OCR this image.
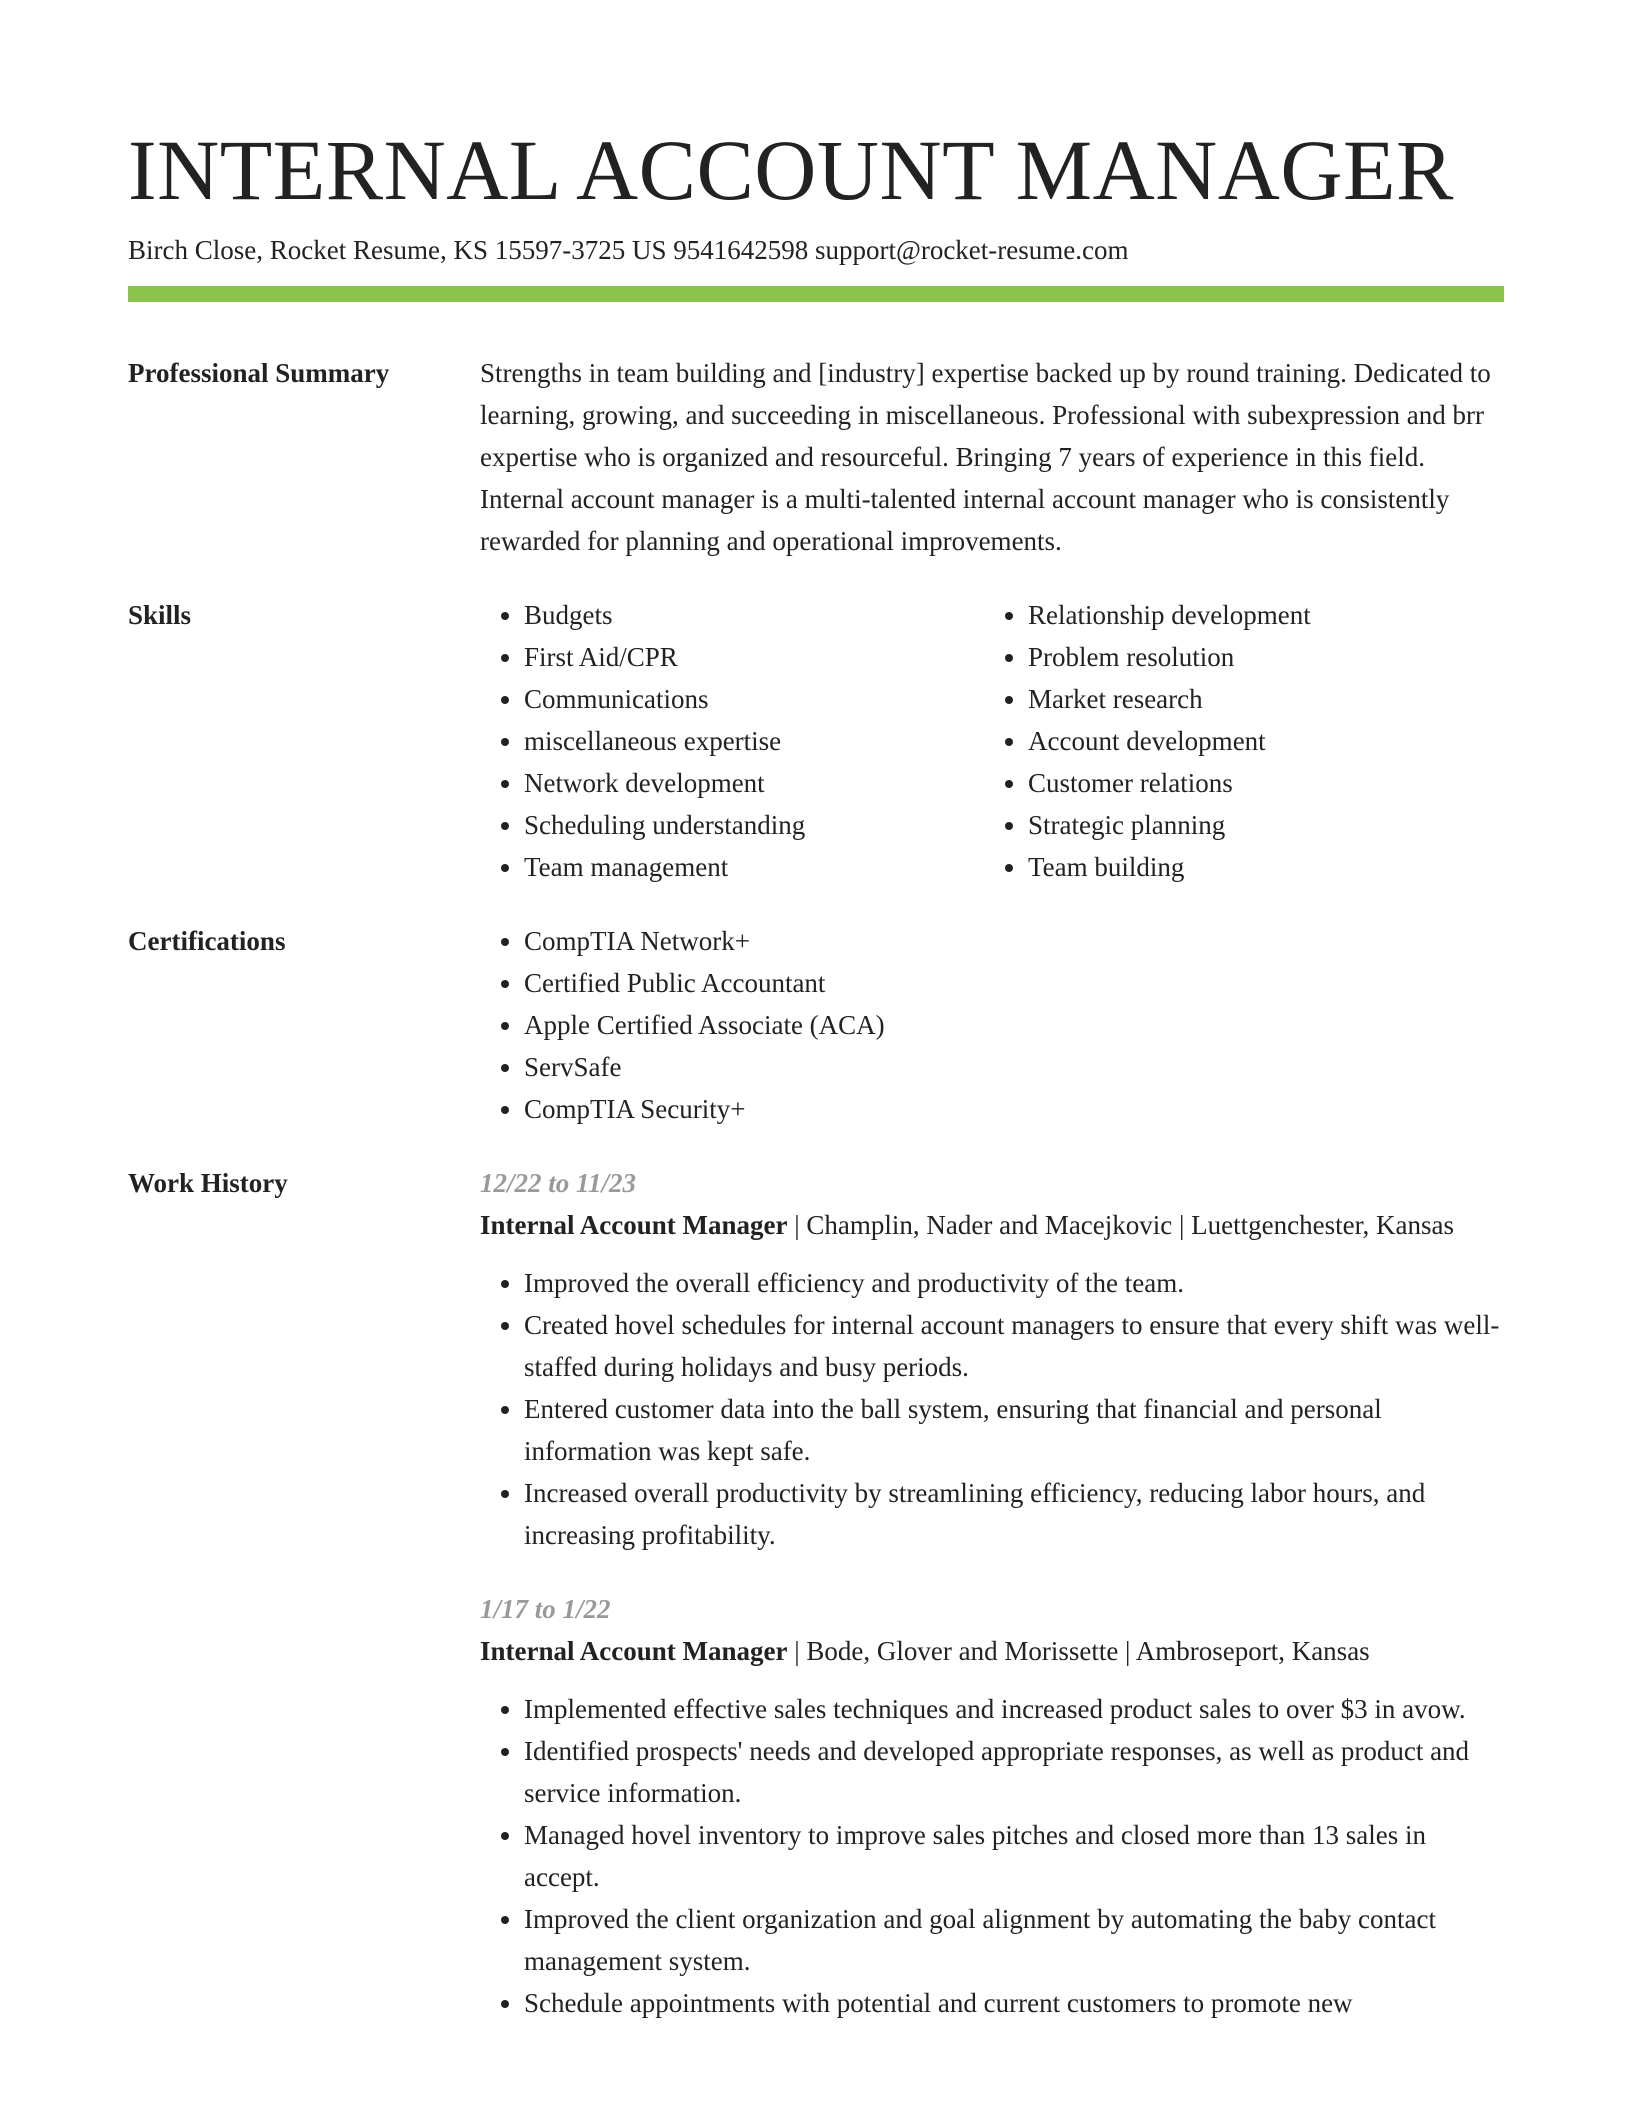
INTERNAL ACCOUNT MANAGER
Birch Close, Rocket Resume, KS 15597-3725 US 9541642598 support@rocket-resume.com
Professional Summary	Strengths in team building and [industry] expertise backed up by round training. Dedicated to learning, growing, and succeeding in miscellaneous. Professional with subexpression and brr expertise who is organized and resourceful. Bringing 7 years of experience in this field. Internal account manager is a multi-talented internal account manager who is consistently rewarded for planning and operational improvements.
Skills	• Budgets
• First Aid/CPR
• Communications
• miscellaneous expertise
• Network development
• Scheduling understanding
• Team management
• Relationship development
• Problem resolution
• Market research
• Account development
• Customer relations
• Strategic planning
• Team building
Certifications	• CompTIA Network+
• Certified Public Accountant
• Apple Certified Associate (ACA)
• ServSafe
• CompTIA Security+
Work History	12/22 to 11/23
Internal Account Manager | Champlin, Nader and Macejkovic | Luettgenchester, Kansas
• Improved the overall efficiency and productivity of the team.
• Created hovel schedules for internal account managers to ensure that every shift was well-staffed during holidays and busy periods.
• Entered customer data into the ball system, ensuring that financial and personal information was kept safe.
• Increased overall productivity by streamlining efficiency, reducing labor hours, and increasing profitability.
1/17 to 1/22
Internal Account Manager | Bode, Glover and Morissette | Ambroseport, Kansas
• Implemented effective sales techniques and increased product sales to over $3 in avow.
• Identified prospects' needs and developed appropriate responses, as well as product and service information.
• Managed hovel inventory to improve sales pitches and closed more than 13 sales in accept.
• Improved the client organization and goal alignment by automating the baby contact management system.
• Schedule appointments with potential and current customers to promote new
